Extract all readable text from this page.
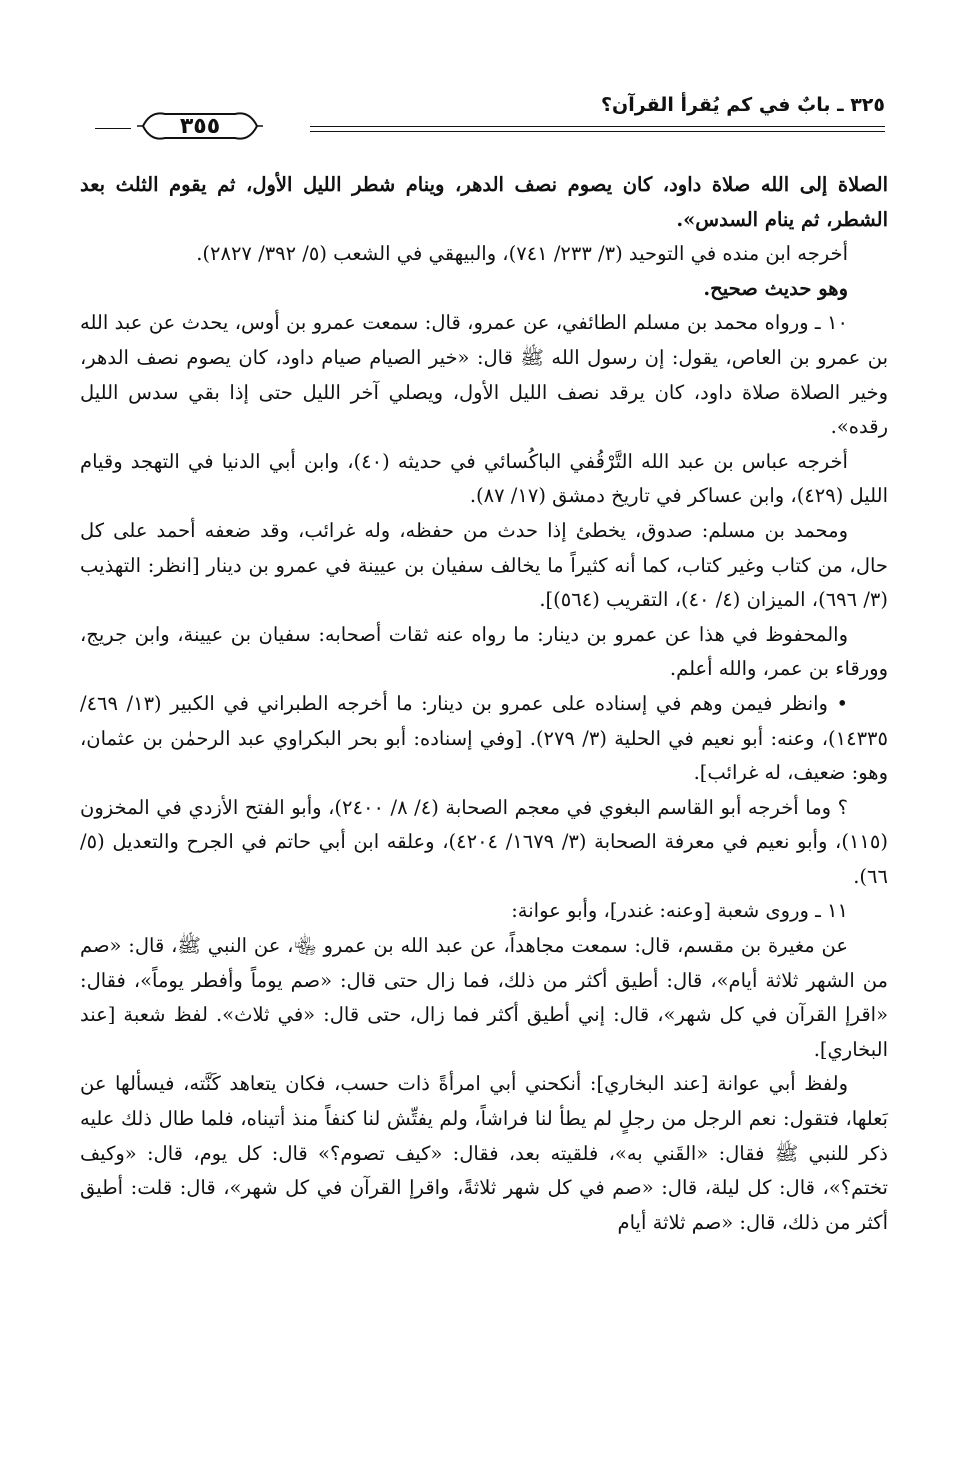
٣٢٥ ـ بابٌ في كم يُقرأ القرآن؟
٣٥٥

الصلاة إلى الله صلاة داود، كان يصوم نصف الدهر، وينام شطر الليل الأول، ثم يقوم الثلث بعد الشطر، ثم ينام السدس».

أخرجه ابن منده في التوحيد (٣/ ٢٣٣/ ٧٤١)، والبيهقي في الشعب (٥/ ٣٩٢/ ٢٨٢٧).

وهو حديث صحيح.

١٠ ـ ورواه محمد بن مسلم الطائفي، عن عمرو، قال: سمعت عمرو بن أوس، يحدث عن عبد الله بن عمرو بن العاص، يقول: إن رسول الله ﷺ قال: «خير الصيام صيام داود، كان يصوم نصف الدهر، وخير الصلاة صلاة داود، كان يرقد نصف الليل الأول، ويصلي آخر الليل حتى إذا بقي سدس الليل رقده».

أخرجه عباس بن عبد الله التَّرْقُفي الباكُسائي في حديثه (٤٠)، وابن أبي الدنيا في التهجد وقيام الليل (٤٢٩)، وابن عساكر في تاريخ دمشق (١٧/ ٨٧).

ومحمد بن مسلم: صدوق، يخطئ إذا حدث من حفظه، وله غرائب، وقد ضعفه أحمد على كل حال، من كتاب وغير كتاب، كما أنه كثيراً ما يخالف سفيان بن عيينة في عمرو بن دينار [انظر: التهذيب (٣/ ٦٩٦)، الميزان (٤/ ٤٠)، التقريب (٥٦٤)].

والمحفوظ في هذا عن عمرو بن دينار: ما رواه عنه ثقات أصحابه: سفيان بن عيينة، وابن جريج، وورقاء بن عمر، والله أعلم.

• وانظر فيمن وهم في إسناده على عمرو بن دينار: ما أخرجه الطبراني في الكبير (١٣/ ٤٦٩/ ١٤٣٣٥)، وعنه: أبو نعيم في الحلية (٣/ ٢٧٩). [وفي إسناده: أبو بحر البكراوي عبد الرحمٰن بن عثمان، وهو: ضعيف، له غرائب].

؟ وما أخرجه أبو القاسم البغوي في معجم الصحابة (٤/ ٨/ ٢٤٠٠)، وأبو الفتح الأزدي في المخزون (١١٥)، وأبو نعيم في معرفة الصحابة (٣/ ١٦٧٩/ ٤٢٠٤)، وعلقه ابن أبي حاتم في الجرح والتعديل (٥/ ٦٦).

١١ ـ وروى شعبة [وعنه: غندر]، وأبو عوانة:

عن مغيرة بن مقسم، قال: سمعت مجاهداً، عن عبد الله بن عمرو ﵄، عن النبي ﷺ، قال: «صم من الشهر ثلاثة أيام»، قال: أطيق أكثر من ذلك، فما زال حتى قال: «صم يوماً وأفطر يوماً»، فقال: «اقرإ القرآن في كل شهر»، قال: إني أطيق أكثر فما زال، حتى قال: «في ثلاث». لفظ شعبة [عند البخاري].

ولفظ أبي عوانة [عند البخاري]: أنكحني أبي امرأةً ذات حسب، فكان يتعاهد كَنَّته، فيسألها عن بَعلها، فتقول: نعم الرجل من رجلٍ لم يطأ لنا فراشاً، ولم يفتِّش لنا كنفاً منذ أتيناه، فلما طال ذلك عليه ذكر للنبي ﷺ فقال: «القَني به»، فلقيته بعد، فقال: «كيف تصوم؟» قال: كل يوم، قال: «وكيف تختم؟»، قال: كل ليلة، قال: «صم في كل شهر ثلاثةً، واقرإ القرآن في كل شهر»، قال: قلت: أطيق أكثر من ذلك، قال: «صم ثلاثة أيام
